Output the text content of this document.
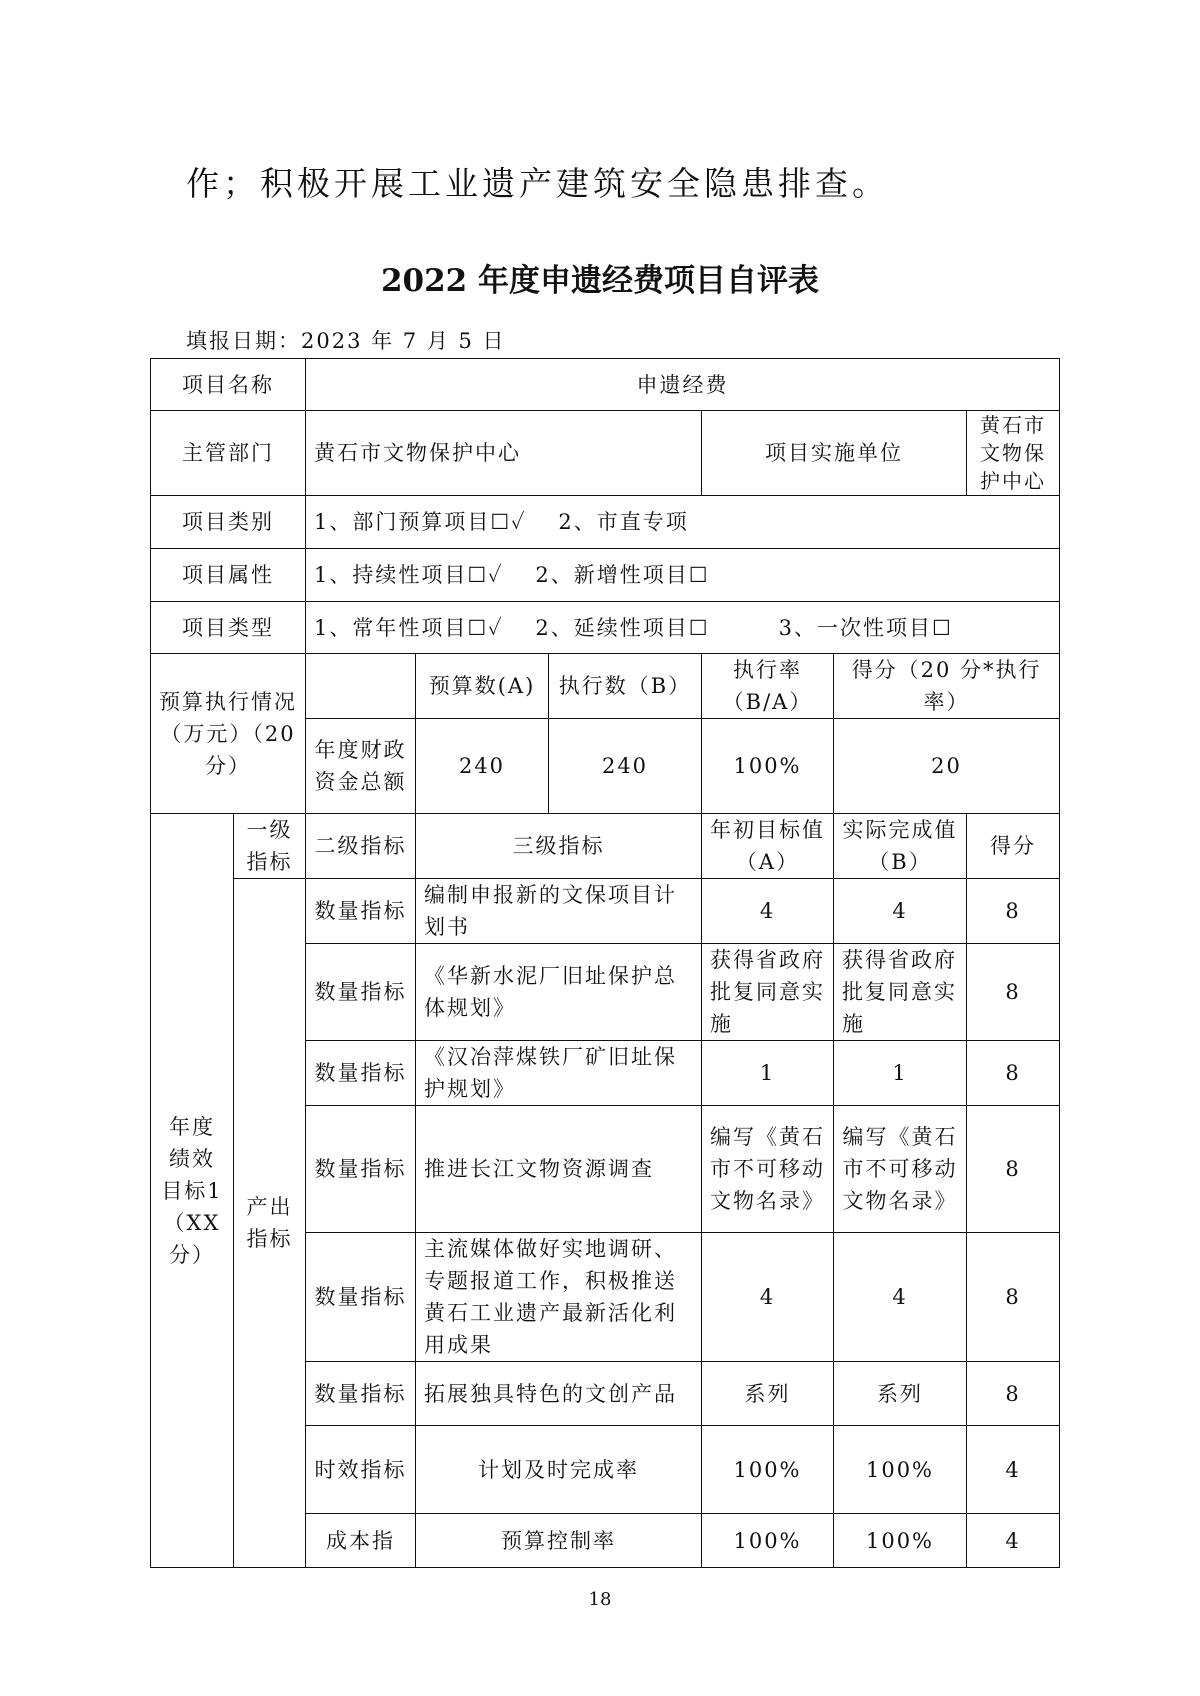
作；积极开展工业遗产建筑安全隐患排查。
2022 年度申遗经费项目自评表
填报日期：2023 年 7 月 5 日
项目名称		申遗经费					
主管部门		黄石市文物保护中心			项目实施单位		黄石市文物保护中心
项目类别		1、部门预算项目☐✓　 2、市直专项					
项目属性		1、持续性项目☐✓　 2、新增性项目☐					
项目类型		1、常年性项目☐✓　 2、延续性项目☐　　　3、一次性项目☐					
预算执行情况（万元）（20 分）			预算数(A)	执行数（B）	执行率（B/A）	得分（20 分*执行率）	
		年度财政资金总额	240	240	100%	20	
年度绩效目标1（XX分）	一级指标	二级指标	三级指标		年初目标值（A）	实际完成值（B）	得分
	产出指标	数量指标	编制申报新的文保项目计划书		4	4	8
		数量指标	《华新水泥厂旧址保护总体规划》		获得省政府批复同意实施	获得省政府批复同意实施	8
		数量指标	《汉冶萍煤铁厂矿旧址保护规划》		1	1	8
		数量指标	推进长江文物资源调查		编写《黄石市不可移动文物名录》	编写《黄石市不可移动文物名录》	8
		数量指标	主流媒体做好实地调研、专题报道工作，积极推送黄石工业遗产最新活化利用成果		4	4	8
		数量指标	拓展独具特色的文创产品		系列	系列	8
		时效指标	计划及时完成率		100%	100%	4
		成本指	预算控制率		100%	100%	4
18
